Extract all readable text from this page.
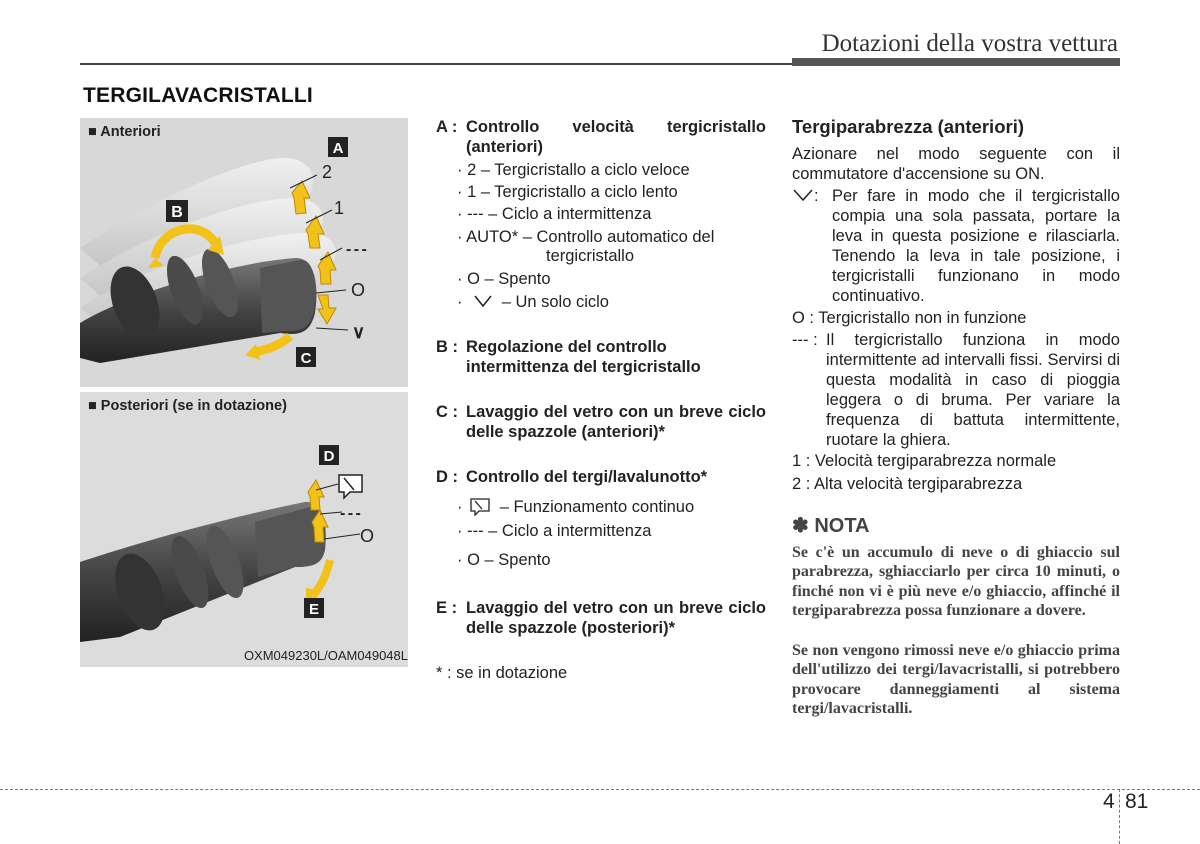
Dotazioni della vostra vettura
TERGILAVACRISTALLI
A
B
C
2
1
- - -
O
∨
■ Anteriori
D
E
- - -
O
■ Posteriori (se in dotazione)
OXM049230L/OAM049048L
A : Controllo velocità tergicristallo (anteriori)
· 2 – Tergicristallo a ciclo veloce
· 1 – Tergicristallo a ciclo lento
· --- – Ciclo a intermittenza
· AUTO* – Controllo automatico del
tergicristallo
· O – Spento
· – Un solo ciclo
B : Regolazione del controllo intermittenza del tergicristallo
C : Lavaggio del vetro con un breve ciclo delle spazzole (anteriori)*
D : Controllo del tergi/lavalunotto*
· – Funzionamento continuo
· --- – Ciclo a intermittenza
· O – Spento
E : Lavaggio del vetro con un breve ciclo delle spazzole (posteriori)*
* : se in dotazione
Tergiparabrezza (anteriori)
Azionare nel modo seguente con il commutatore d'accensione su ON.
: Per fare in modo che il tergicristallo compia una sola passata, portare la leva in questa posizione e rilasciarla. Tenendo la leva in tale posizione, i tergicristalli funzionano in modo continuativo.
O : Tergicristallo non in funzione
--- : Il tergicristallo funziona in modo intermittente ad intervalli fissi. Servirsi di questa modalità in caso di pioggia leggera o di bruma. Per variare la frequenza di battuta intermittente, ruotare la ghiera.
1 : Velocità tergiparabrezza normale
2 : Alta velocità tergiparabrezza
✽ NOTA
Se c'è un accumulo di neve o di ghiaccio sul parabrezza, sghiacciarlo per circa 10 minuti, o finché non vi è più neve e/o ghiaccio, affinché il tergiparabrezza possa funzionare a dovere.
Se non vengono rimossi neve e/o ghiaccio prima dell'utilizzo dei tergi/lavacristalli, si potrebbero provocare danneggiamenti al sistema tergi/lavacristalli.
4 81
